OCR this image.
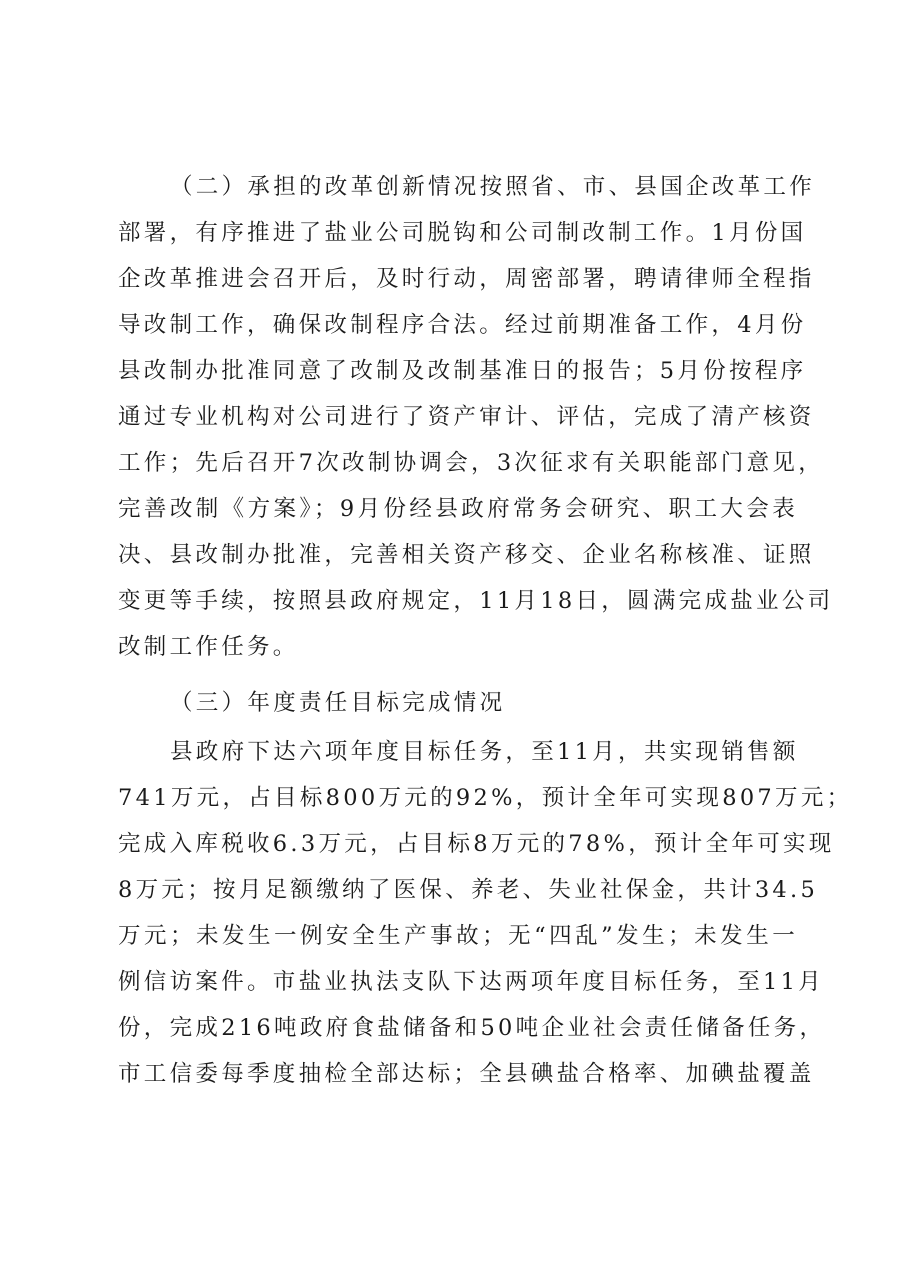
（二）承担的改革创新情况按照省、市、县国企改革工作
部署，有序推进了盐业公司脱钩和公司制改制工作。1月份国
企改革推进会召开后，及时行动，周密部署，聘请律师全程指
导改制工作，确保改制程序合法。经过前期准备工作，4月份
县改制办批准同意了改制及改制基准日的报告；5月份按程序
通过专业机构对公司进行了资产审计、评估，完成了清产核资
工作；先后召开7次改制协调会，3次征求有关职能部门意见，
完善改制《方案》；9月份经县政府常务会研究、职工大会表
决、县改制办批准，完善相关资产移交、企业名称核准、证照
变更等手续，按照县政府规定，11月18日，圆满完成盐业公司
改制工作任务。
（三）年度责任目标完成情况
县政府下达六项年度目标任务，至11月，共实现销售额
741万元，占目标800万元的92%，预计全年可实现807万元；
完成入库税收6.3万元，占目标8万元的78%，预计全年可实现
8万元；按月足额缴纳了医保、养老、失业社保金，共计34.5
万元；未发生一例安全生产事故；无“四乱”发生；未发生一
例信访案件。市盐业执法支队下达两项年度目标任务，至11月
份，完成216吨政府食盐储备和50吨企业社会责任储备任务，
市工信委每季度抽检全部达标；全县碘盐合格率、加碘盐覆盖
